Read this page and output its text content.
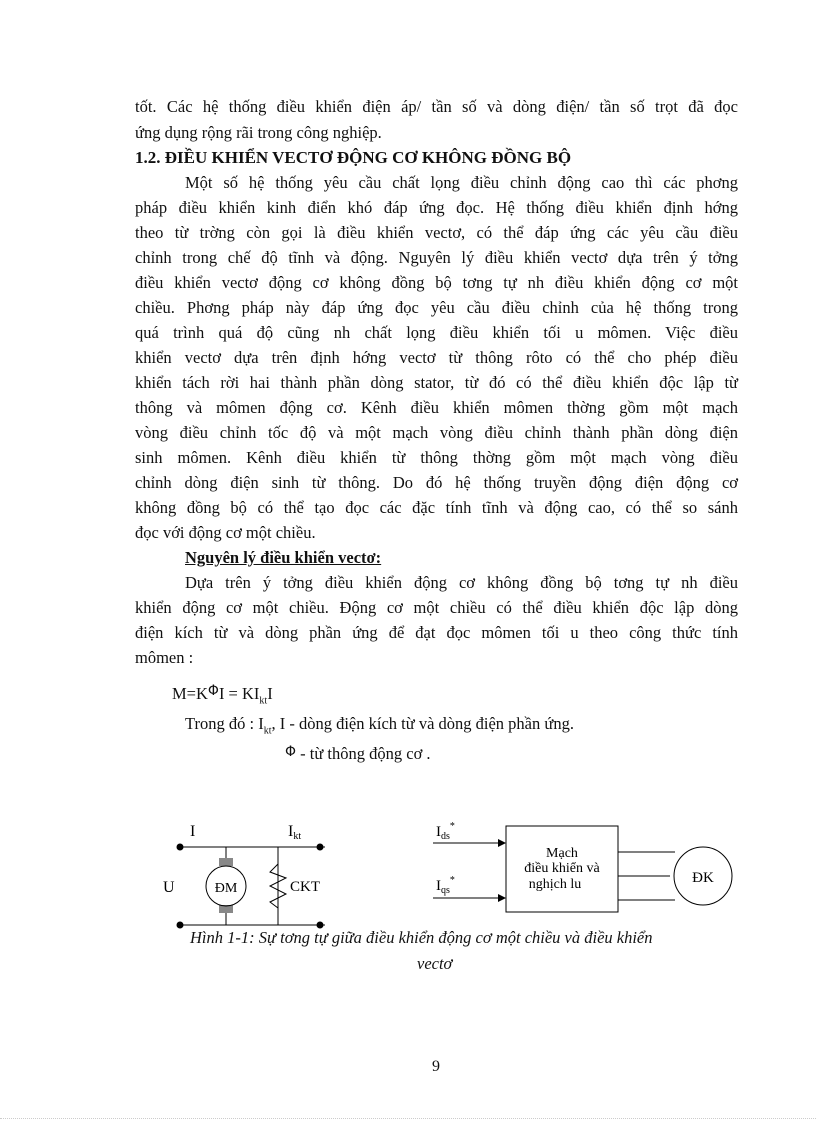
tốt. Các hệ thống điều khiển điện áp/ tần số và dòng điện/ tần số trọt đã đọc
ứng dụng rộng rãi trong công nghiệp.
1.2. ĐIỀU KHIỂN VECTƠ ĐỘNG CƠ KHÔNG ĐỒNG BỘ
Một số hệ thống yêu cầu chất lọng điều chỉnh động cao thì các phơng
pháp điều khiển kinh điển khó đáp ứng đọc. Hệ thống điều khiển định hớng
theo từ trờng còn gọi là điều khiển vectơ, có thể đáp ứng các yêu cầu điều
chỉnh trong chế độ tĩnh và động. Nguyên lý điều khiển vectơ dựa trên ý tởng
điều khiển vectơ động cơ không đồng bộ tơng tự nh điều khiển động cơ một
chiều. Phơng pháp này đáp ứng đọc yêu cầu điều chỉnh của hệ thống trong
quá trình quá độ cũng nh chất lọng điều khiển tối u mômen. Việc điều
khiển vectơ dựa trên định hớng vectơ từ thông rôto có thể cho phép điều
khiển tách rời hai thành phần dòng stator, từ đó có thể điều khiển độc lập từ
thông và mômen động cơ. Kênh điều khiển mômen thờng gồm một mạch
vòng điều chỉnh tốc độ và một mạch vòng điều chỉnh thành phần dòng điện
sinh mômen. Kênh điều khiển từ thông thờng gồm một mạch vòng điều
chỉnh dòng điện sinh từ thông. Do đó hệ thống truyền động điện động cơ
không đồng bộ có thể tạo đọc các đặc tính tĩnh và động cao, có thể so sánh
đọc với động cơ một chiều.
Nguyên lý điều khiển vectơ:
Dựa trên ý tởng điều khiển động cơ không đồng bộ tơng tự nh điều
khiển động cơ một chiều. Động cơ một chiều có thể điều khiển độc lập dòng
điện kích từ và dòng phần ứng để đạt đọc mômen tối u theo công thức tính
mômen :
$M=K^\Phi I = KI_{kt}I$
Trong đó : $I_{kt}$, I - dòng điện kích từ và dòng điện phần ứng.
Φ - từ thông động cơ .
ĐM
I
U	CKT
Ikt	$I_{ds}^*$
$I_{qs}^*$
Mạch
điều khiển và
nghịch lu	ĐK
Hình 1-1: Sự tơng tự giữa điều khiển động cơ một chiều và điều khiển
vectơ
9
